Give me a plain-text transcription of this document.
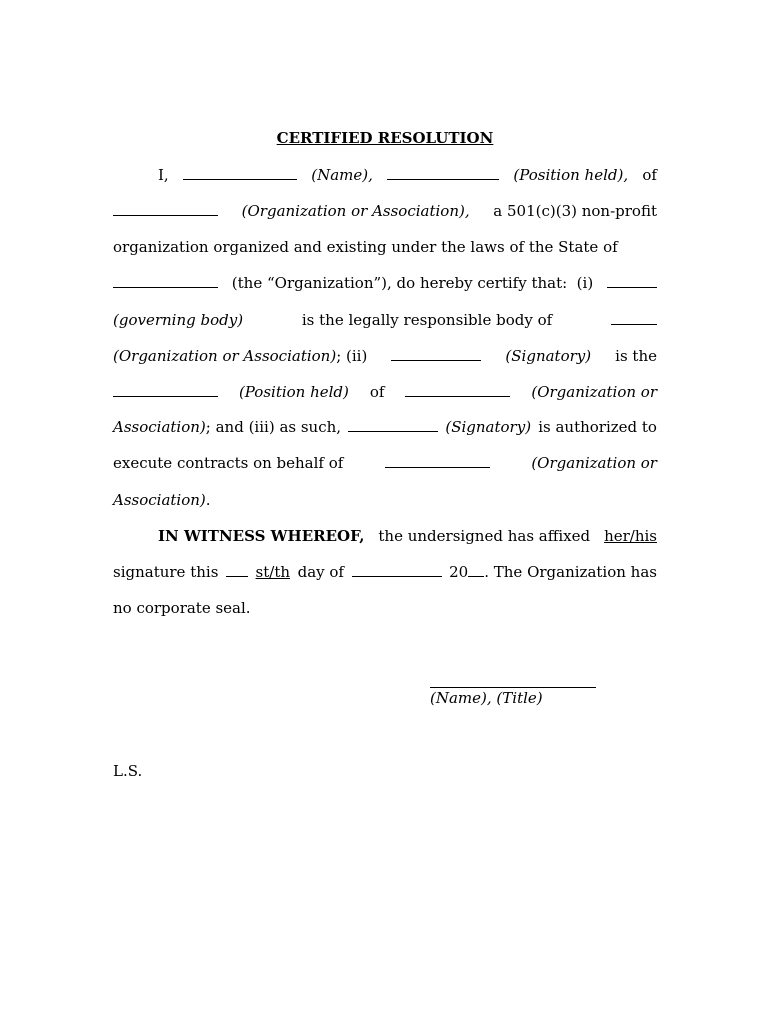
CERTIFIED RESOLUTION
I,	(Name),	(Position held), of
(Organization or Association), a 501(c)(3) non-profit
organization organized and existing under the laws of the State of
(the “Organization”), do hereby certify that:  (i)
(governing body)	is the legally responsible body of
(Organization or Association); (ii)	(Signatory) is the
(Position held) of	(Organization or
Association); and (iii) as such,	(Signatory) is authorized to
execute contracts on behalf of	(Organization or
Association).
IN WITNESS WHEREOF, the undersigned has affixed her/his
signature this st/th day of	20 . The Organization has
no corporate seal.
(Name), (Title)
L.S.
